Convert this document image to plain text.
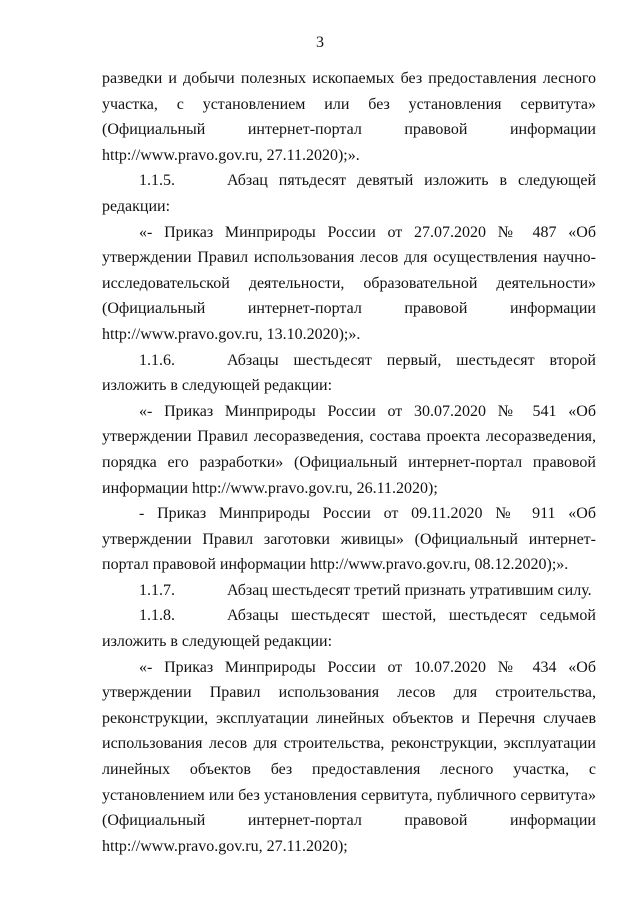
3

разведки и добычи полезных ископаемых без предоставления лесного участка, с установлением или без установления сервитута» (Официальный интернет-портал правовой информации http://www.pravo.gov.ru, 27.11.2020);».

1.1.5.	Абзац пятьдесят девятый изложить в следующей редакции:

«- Приказ Минприроды России от 27.07.2020 № 487 «Об утверждении Правил использования лесов для осуществления научно-исследовательской деятельности, образовательной деятельности» (Официальный интернет-портал правовой информации http://www.pravo.gov.ru, 13.10.2020);».

1.1.6.	Абзацы шестьдесят первый, шестьдесят второй изложить в следующей редакции:

«- Приказ Минприроды России от 30.07.2020 № 541 «Об утверждении Правил лесоразведения, состава проекта лесоразведения, порядка его разработки» (Официальный интернет-портал правовой информации http://www.pravo.gov.ru, 26.11.2020);

- Приказ Минприроды России от 09.11.2020 № 911 «Об утверждении Правил заготовки живицы» (Официальный интернет-портал правовой информации http://www.pravo.gov.ru, 08.12.2020);».

1.1.7.	Абзац шестьдесят третий признать утратившим силу.

1.1.8.	Абзацы шестьдесят шестой, шестьдесят седьмой изложить в следующей редакции:

«- Приказ Минприроды России от 10.07.2020 № 434 «Об утверждении Правил использования лесов для строительства, реконструкции, эксплуатации линейных объектов и Перечня случаев использования лесов для строительства, реконструкции, эксплуатации линейных объектов без предоставления лесного участка, с установлением или без установления сервитута, публичного сервитута» (Официальный интернет-портал правовой информации http://www.pravo.gov.ru, 27.11.2020);
